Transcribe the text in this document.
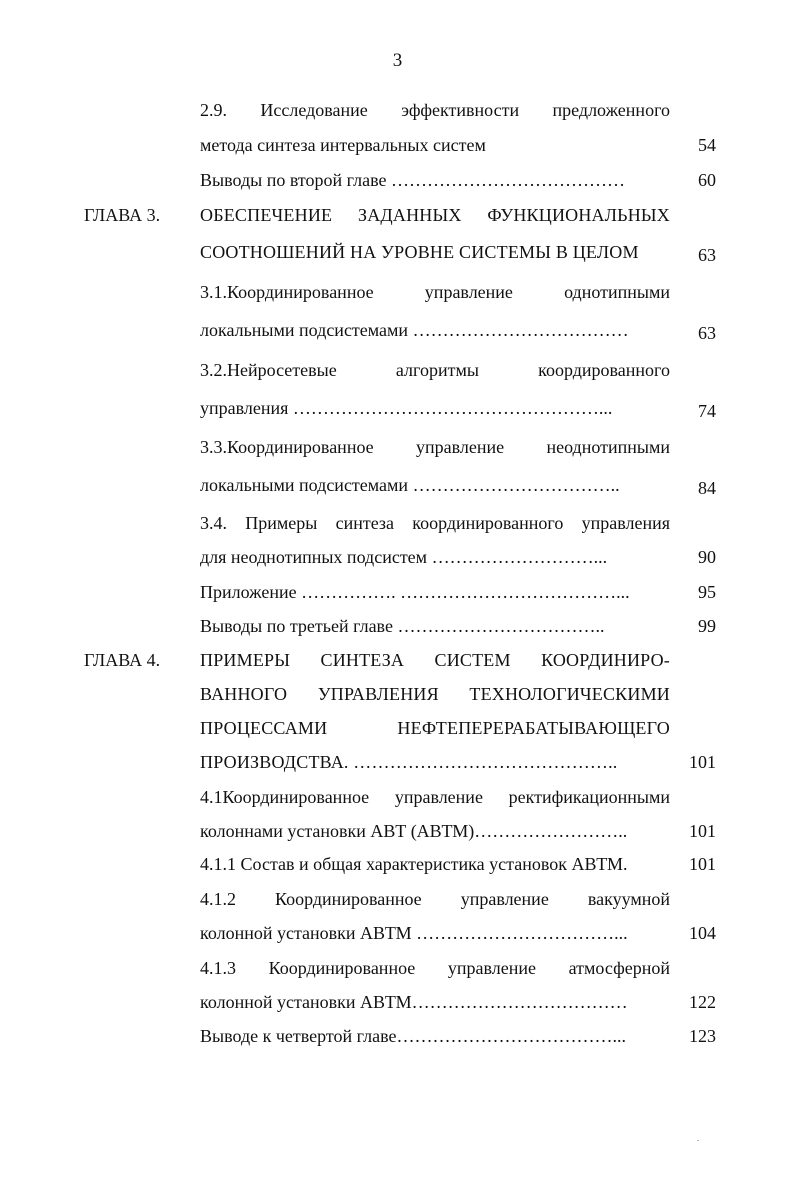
3
2.9. Исследование эффективности предложенного
метода синтеза интервальных систем	54
Выводы по второй главе …………………………………	60
ГЛАВА 3. ОБЕСПЕЧЕНИЕ ЗАДАННЫХ ФУНКЦИОНАЛЬНЫХ
СООТНОШЕНИЙ НА УРОВНЕ СИСТЕМЫ В ЦЕЛОМ	63
3.1.Координированное управление однотипными
локальными подсистемами ………………………………	63
3.2.Нейросетевые алгоритмы коордированного
управления ……………………………………………...	74
3.3.Координированное управление неоднотипными
локальными подсистемами ……………………………..	84
3.4. Примеры синтеза координированного управления
для неоднотипных подсистем ………………………...	90
Приложение ……………. ………………………………...	95
Выводы по третьей главе ……………………………..	99
ГЛАВА 4. ПРИМЕРЫ СИНТЕЗА СИСТЕМ КООРДИНИРО-
ВАННОГО УПРАВЛЕНИЯ ТЕХНОЛОГИЧЕСКИМИ
ПРОЦЕССАМИ НЕФТЕПЕРЕРАБАТЫВАЮЩЕГО
ПРОИЗВОДСТВА. ……………………………………..	101
4.1Координированное управление ректификационными
колоннами установки АВТ (АВТМ)……………………..	101
4.1.1 Состав и общая характеристика установок АВТМ.	101
4.1.2 Координированное управление вакуумной
колонной установки АВТМ ……………………………...	104
4.1.3 Координированное управление атмосферной
колонной установки АВТМ………………………………	122
Выводе к четвертой главе………………………………...	123
